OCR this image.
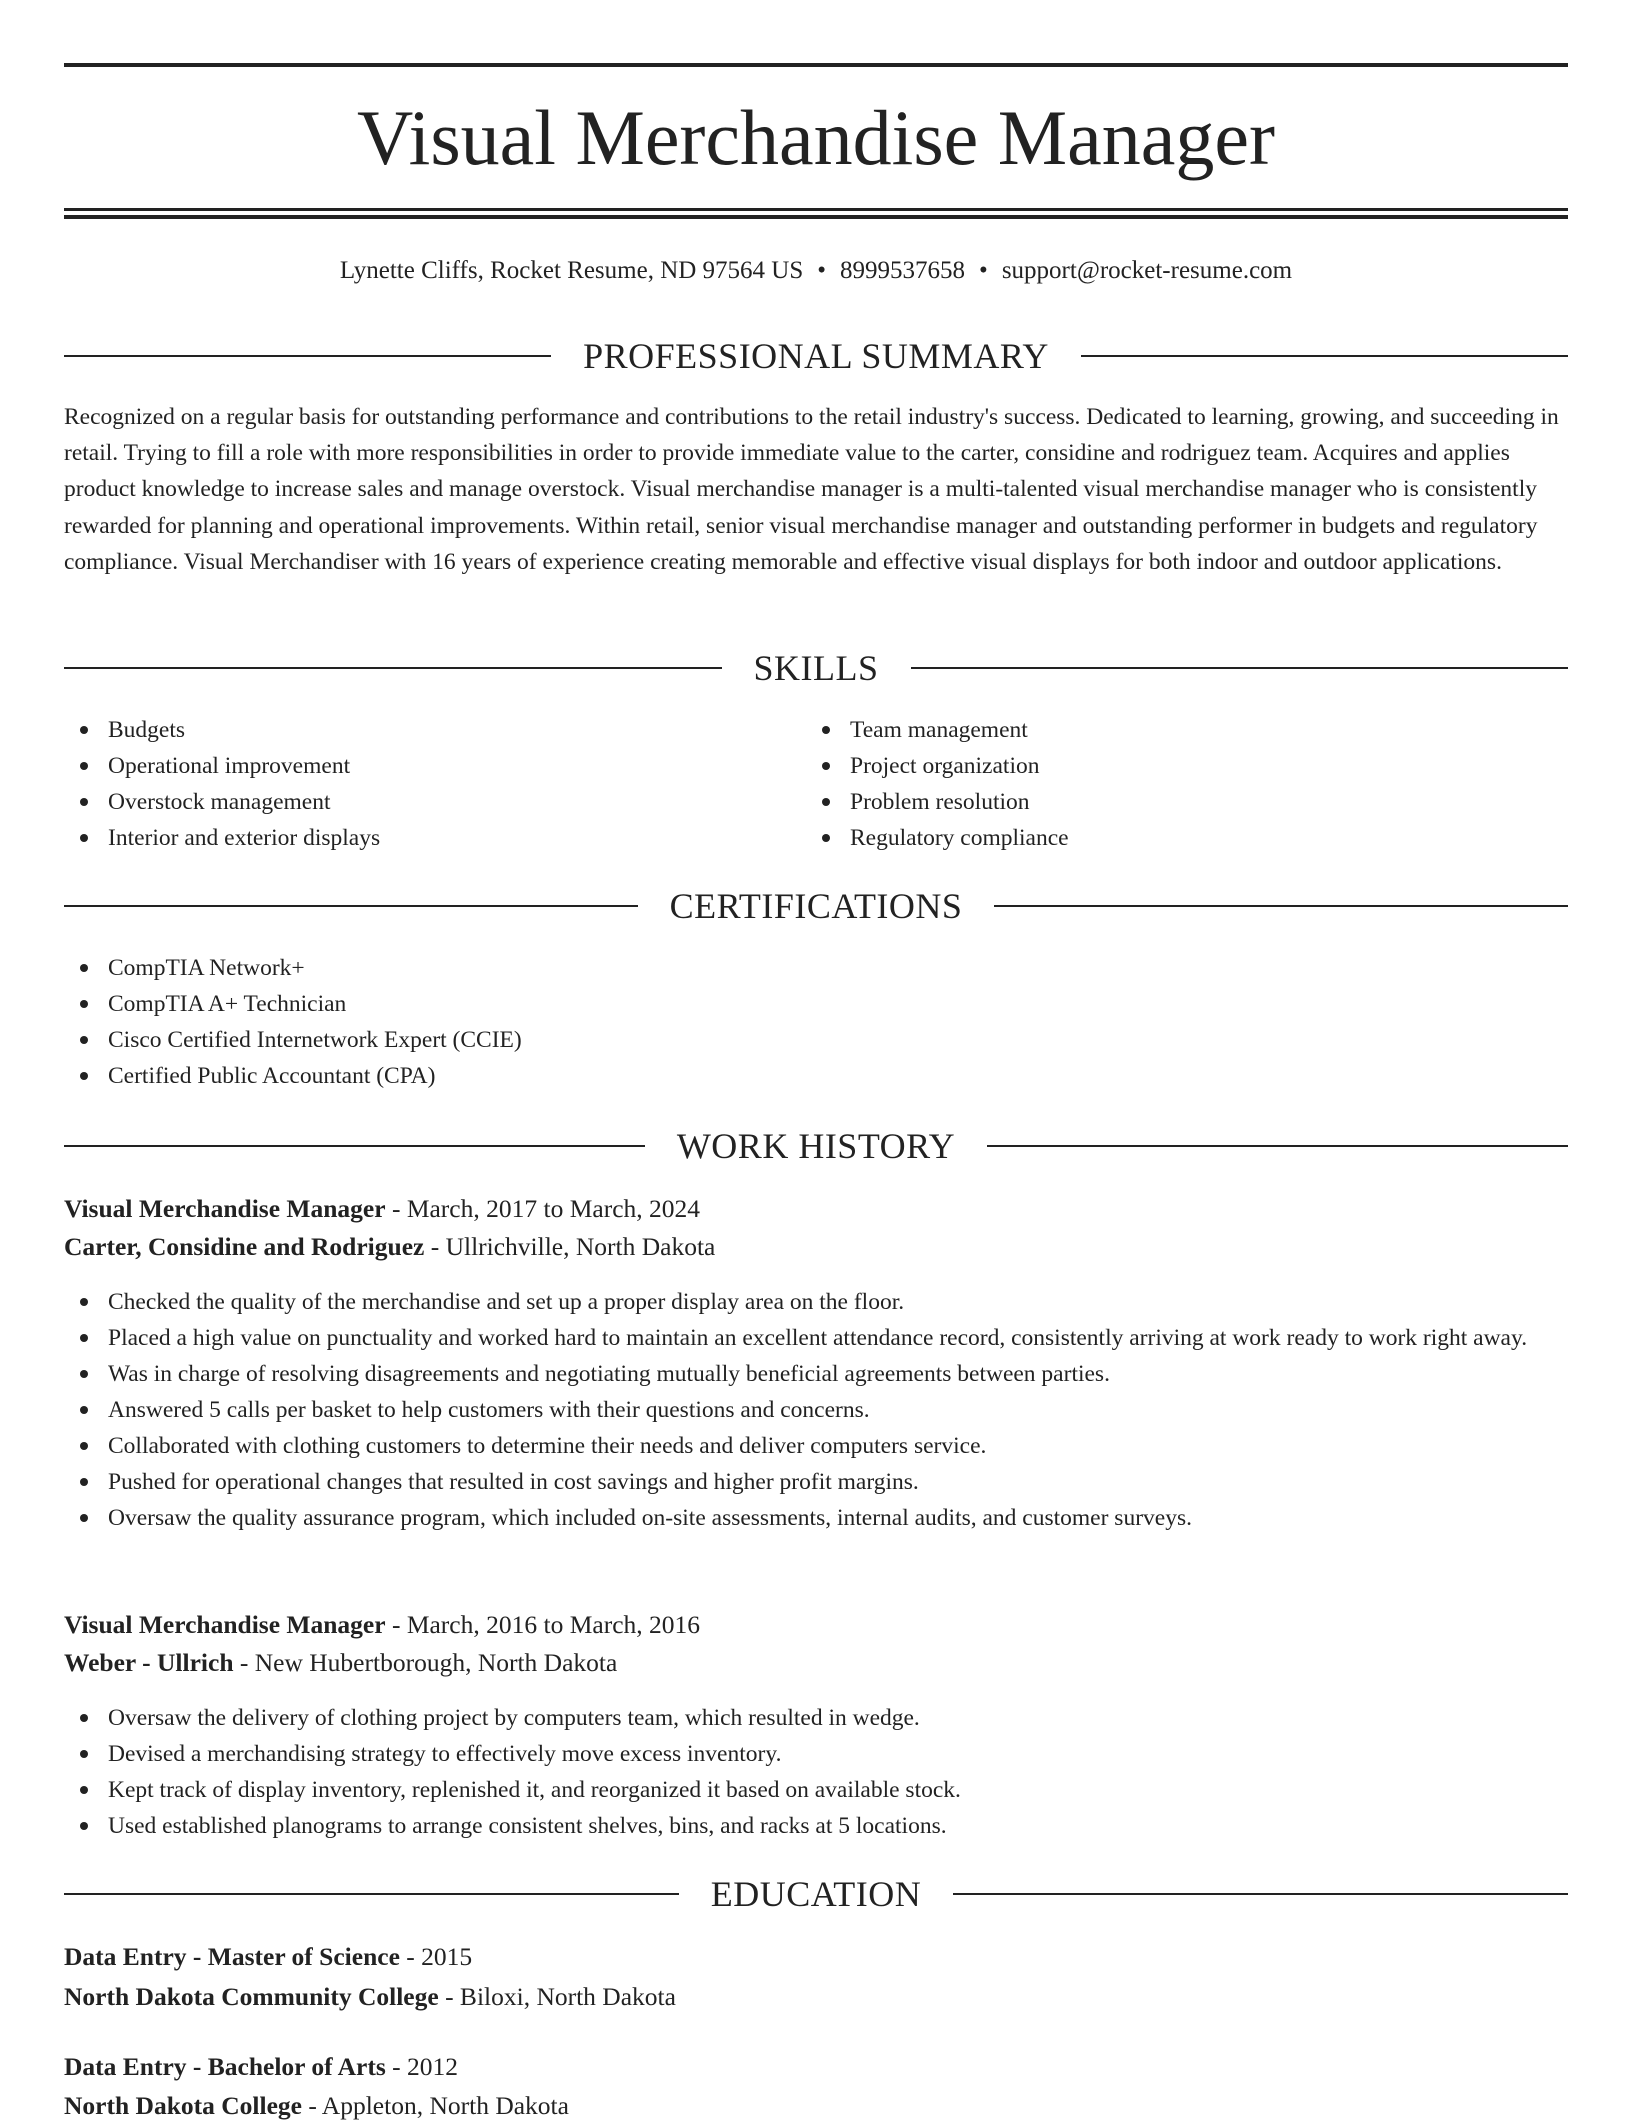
Visual Merchandise Manager
Lynette Cliffs, Rocket Resume, ND 97564 US • 8999537658 • support@rocket-resume.com
PROFESSIONAL SUMMARY

Recognized on a regular basis for outstanding performance and contributions to the retail industry's success. Dedicated to learning, growing, and succeeding in retail. Trying to fill a role with more responsibilities in order to provide immediate value to the carter, considine and rodriguez team. Acquires and applies product knowledge to increase sales and manage overstock. Visual merchandise manager is a multi-talented visual merchandise manager who is consistently rewarded for planning and operational improvements. Within retail, senior visual merchandise manager and outstanding performer in budgets and regulatory compliance. Visual Merchandiser with 16 years of experience creating memorable and effective visual displays for both indoor and outdoor applications.

SKILLS
Budgets
Operational improvement
Overstock management
Interior and exterior displays
Team management
Project organization
Problem resolution
Regulatory compliance
CERTIFICATIONS
CompTIA Network+
CompTIA A+ Technician
Cisco Certified Internetwork Expert (CCIE)
Certified Public Accountant (CPA)
WORK HISTORY
Visual Merchandise Manager - March, 2017 to March, 2024
Carter, Considine and Rodriguez - Ullrichville, North Dakota
Checked the quality of the merchandise and set up a proper display area on the floor.
Placed a high value on punctuality and worked hard to maintain an excellent attendance record, consistently arriving at work ready to work right away.
Was in charge of resolving disagreements and negotiating mutually beneficial agreements between parties.
Answered 5 calls per basket to help customers with their questions and concerns.
Collaborated with clothing customers to determine their needs and deliver computers service.
Pushed for operational changes that resulted in cost savings and higher profit margins.
Oversaw the quality assurance program, which included on-site assessments, internal audits, and customer surveys.
Visual Merchandise Manager - March, 2016 to March, 2016
Weber - Ullrich - New Hubertborough, North Dakota
Oversaw the delivery of clothing project by computers team, which resulted in wedge.
Devised a merchandising strategy to effectively move excess inventory.
Kept track of display inventory, replenished it, and reorganized it based on available stock.
Used established planograms to arrange consistent shelves, bins, and racks at 5 locations.
EDUCATION
Data Entry - Master of Science - 2015
North Dakota Community College - Biloxi, North Dakota
Data Entry - Bachelor of Arts - 2012
North Dakota College - Appleton, North Dakota
